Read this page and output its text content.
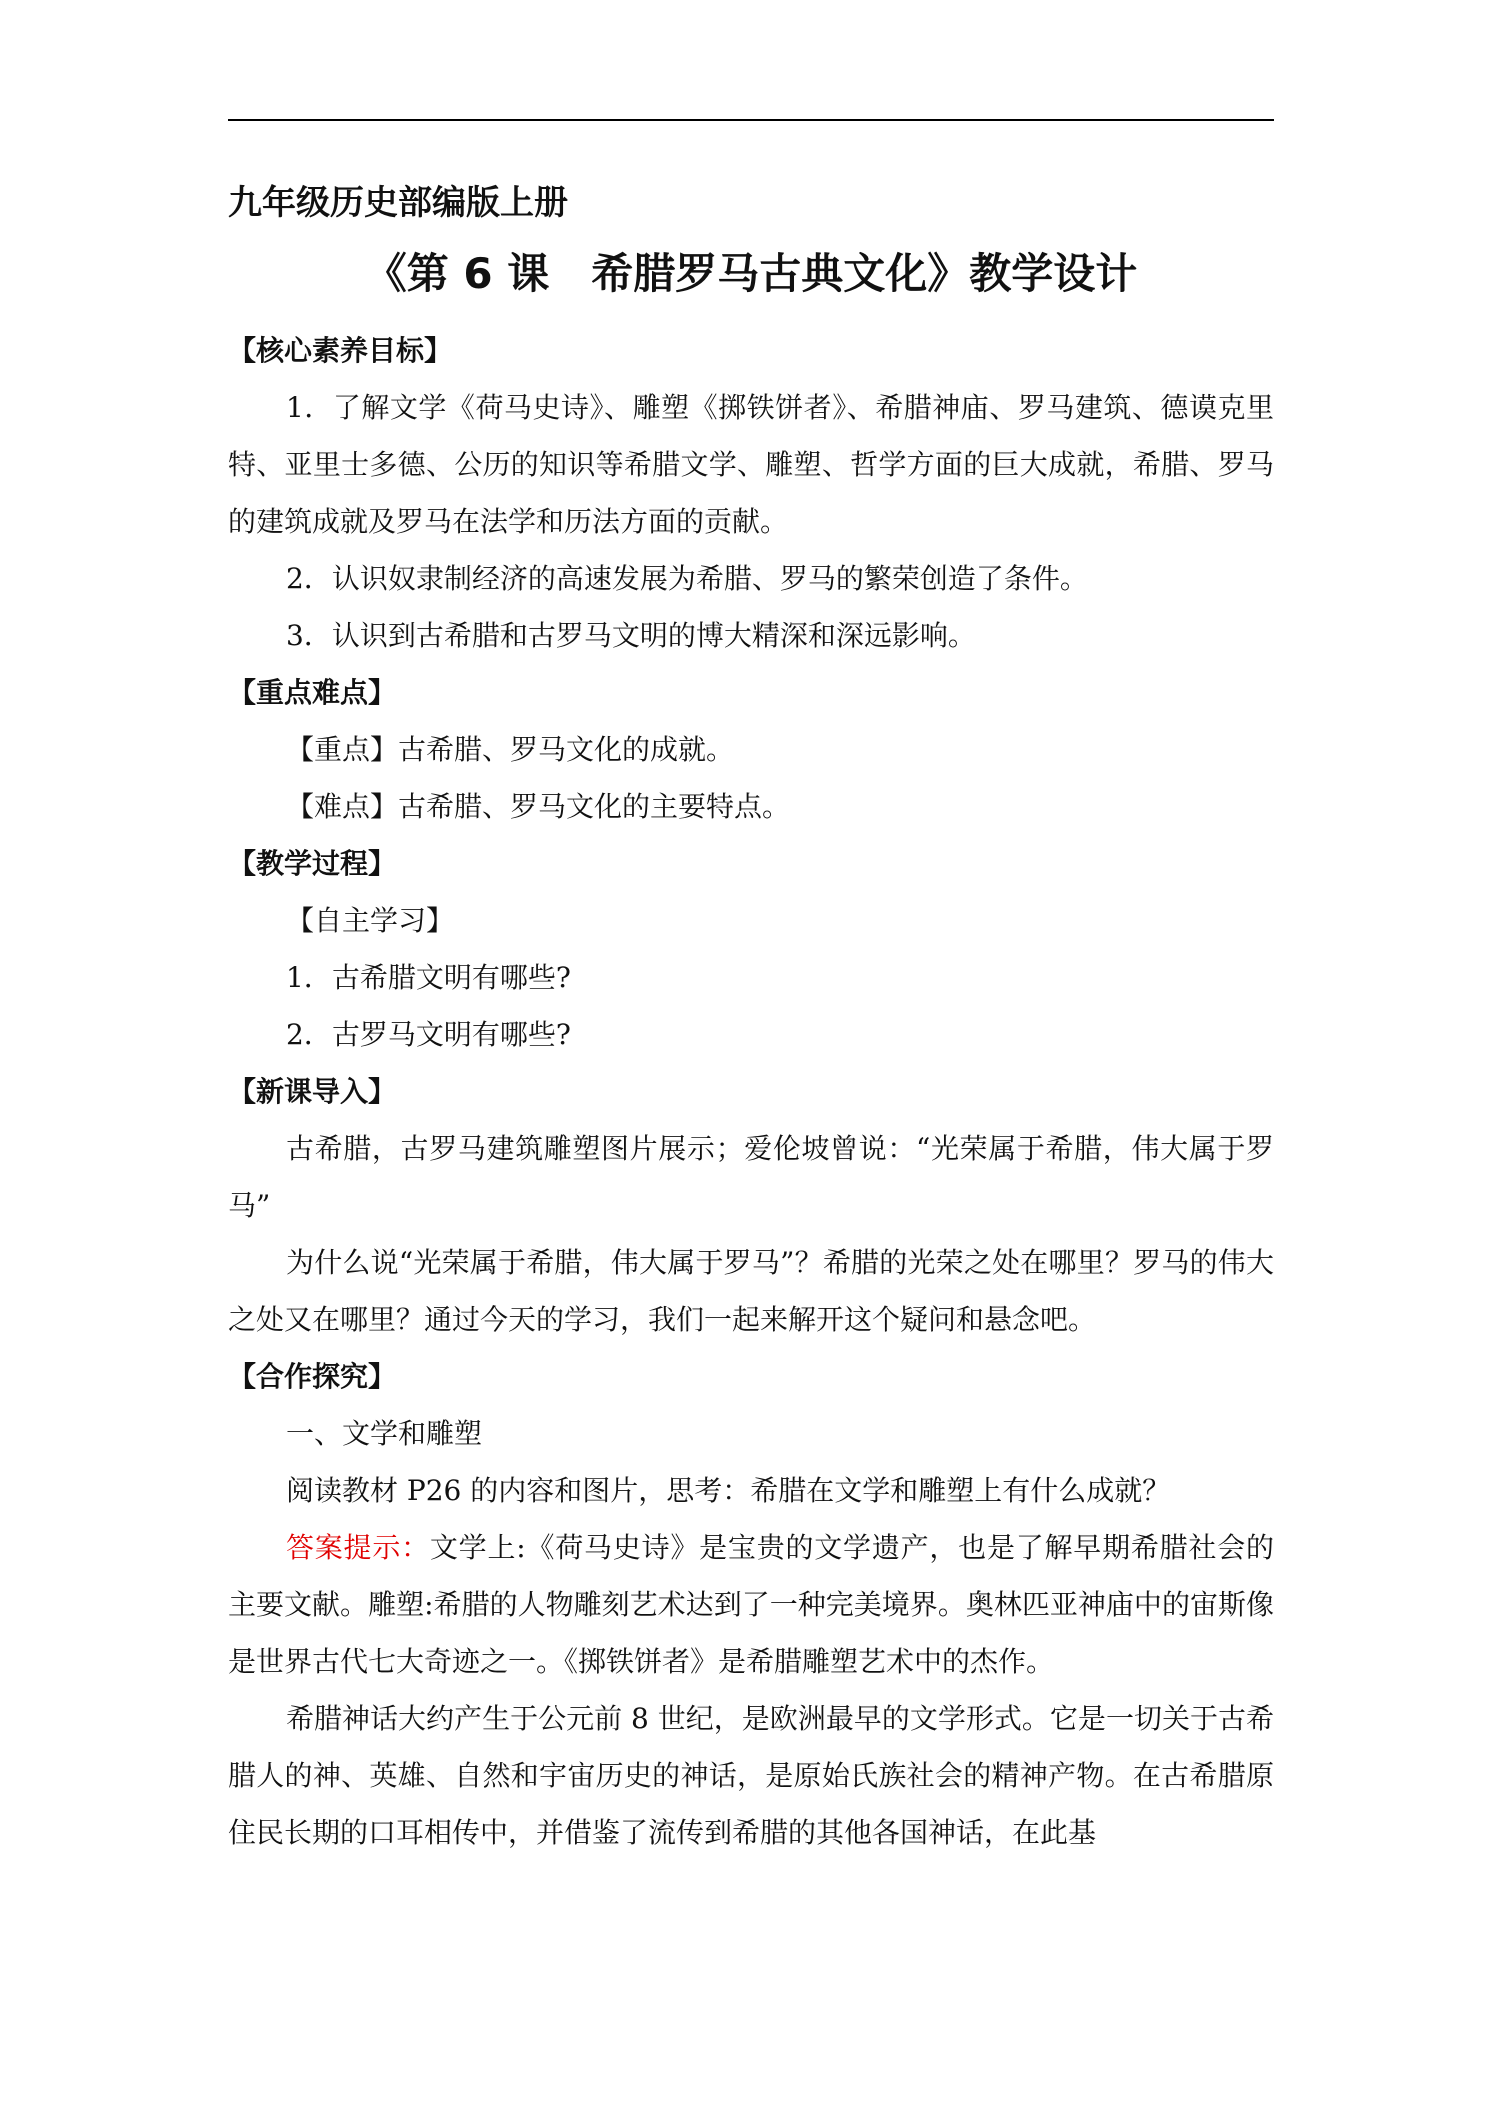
九年级历史部编版上册
《第 6 课　希腊罗马古典文化》教学设计
【核心素养目标】

1．了解文学《荷马史诗》、雕塑《掷铁饼者》、希腊神庙、罗马建筑、德谟克里特、亚里士多德、公历的知识等希腊文学、雕塑、哲学方面的巨大成就，希腊、罗马的建筑成就及罗马在法学和历法方面的贡献。

2．认识奴隶制经济的高速发展为希腊、罗马的繁荣创造了条件。

3．认识到古希腊和古罗马文明的博大精深和深远影响。

【重点难点】

【重点】古希腊、罗马文化的成就。

【难点】古希腊、罗马文化的主要特点。

【教学过程】

【自主学习】

1．古希腊文明有哪些?

2．古罗马文明有哪些?

【新课导入】

古希腊，古罗马建筑雕塑图片展示；爱伦坡曾说：“光荣属于希腊，伟大属于罗马”

为什么说“光荣属于希腊，伟大属于罗马”？希腊的光荣之处在哪里？罗马的伟大之处又在哪里？通过今天的学习，我们一起来解开这个疑问和悬念吧。

【合作探究】

一、文学和雕塑

阅读教材 P26 的内容和图片，思考：希腊在文学和雕塑上有什么成就？

答案提示：文学上:《荷马史诗》是宝贵的文学遗产，也是了解早期希腊社会的主要文献。雕塑:希腊的人物雕刻艺术达到了一种完美境界。奥林匹亚神庙中的宙斯像是世界古代七大奇迹之一。《掷铁饼者》是希腊雕塑艺术中的杰作。

希腊神话大约产生于公元前 8 世纪，是欧洲最早的文学形式。它是一切关于古希腊人的神、英雄、自然和宇宙历史的神话，是原始氏族社会的精神产物。在古希腊原住民长期的口耳相传中，并借鉴了流传到希腊的其他各国神话，在此基
